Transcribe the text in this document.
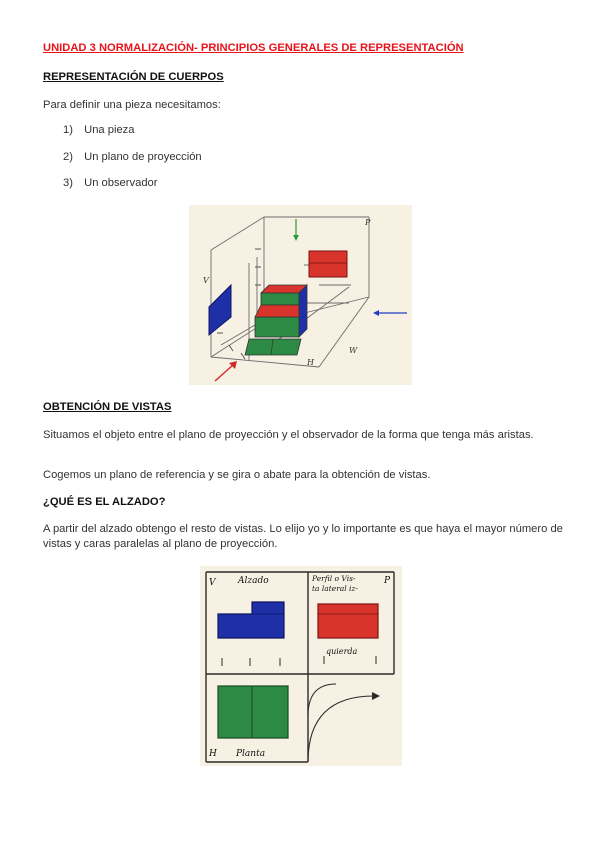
UNIDAD 3 NORMALIZACIÓN- PRINCIPIOS GENERALES DE REPRESENTACIÓN
REPRESENTACIÓN DE CUERPOS
Para definir una pieza necesitamos:
1) Una pieza
2) Un plano de proyección
3) Un observador
P
V
H
W
OBTENCIÓN DE VISTAS
Situamos el objeto entre el plano de proyección y el observador de la forma que tenga más aristas.
Cogemos un plano de referencia y se gira o abate para la obtención de vistas.
¿QUÉ ES EL ALZADO?
A partir del alzado obtengo el resto de vistas. Lo elijo yo y lo importante es que haya el mayor número de vistas y caras paralelas al plano de proyección.
V	Alzado	Perfil o Vis-
ta lateral iz-
P
quierda
H Planta
